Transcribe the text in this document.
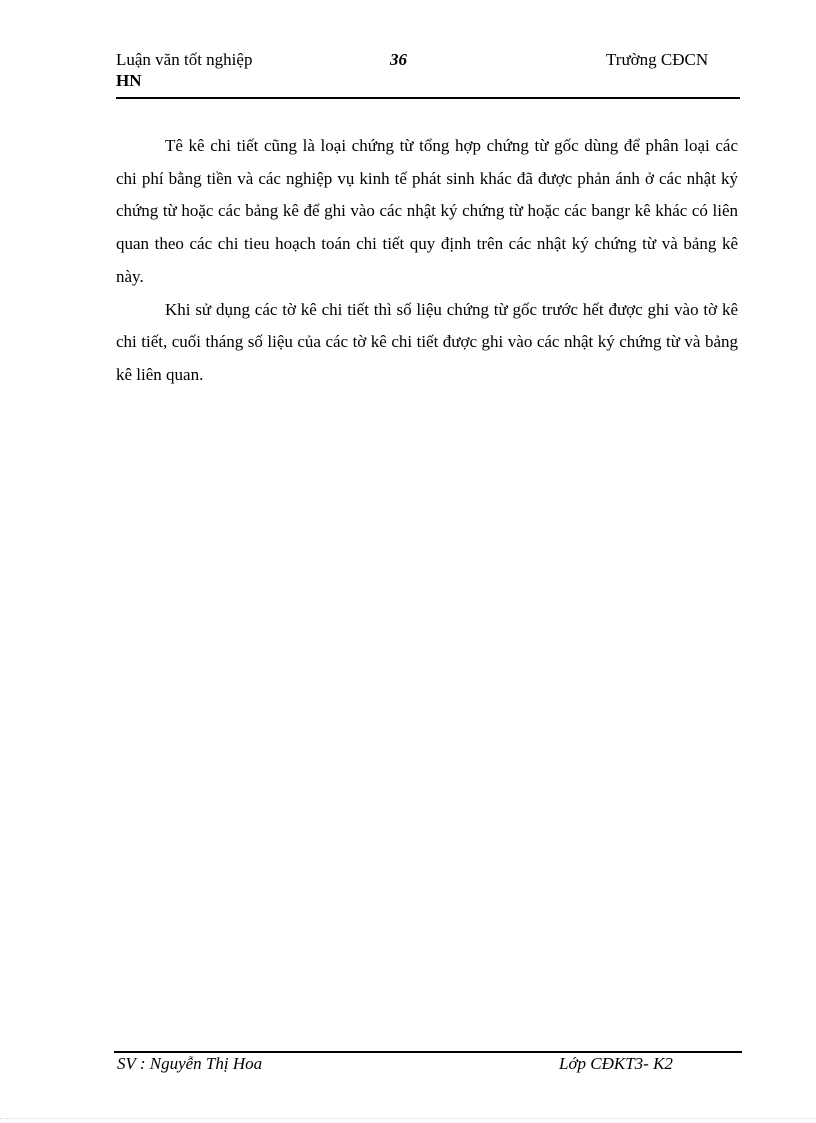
Luận văn tốt nghiệp	36	Trường CĐCN
HN

Tê kê chi tiết cũng là loại chứng từ tổng hợp chứng từ gốc dùng để phân loại các chi phí bằng tiền và các nghiệp vụ kinh tế phát sinh khác đã được phản ánh ở các nhật ký chứng từ hoặc các bảng kê để ghi vào các nhật ký chứng từ hoặc các bangr kê khác có liên quan theo các chi tieu hoạch toán chi tiết quy định trên các nhật ký chứng từ và bảng kê này.

Khi sử dụng các tờ kê chi tiết thì số liệu chứng từ gốc trước hết được ghi vào tờ kê chi tiết, cuối tháng số liệu của các tờ kê chi tiết được ghi vào các nhật ký chứng từ và bảng kê liên quan.

SV : Nguyễn Thị Hoa	Lớp CĐKT3- K2
